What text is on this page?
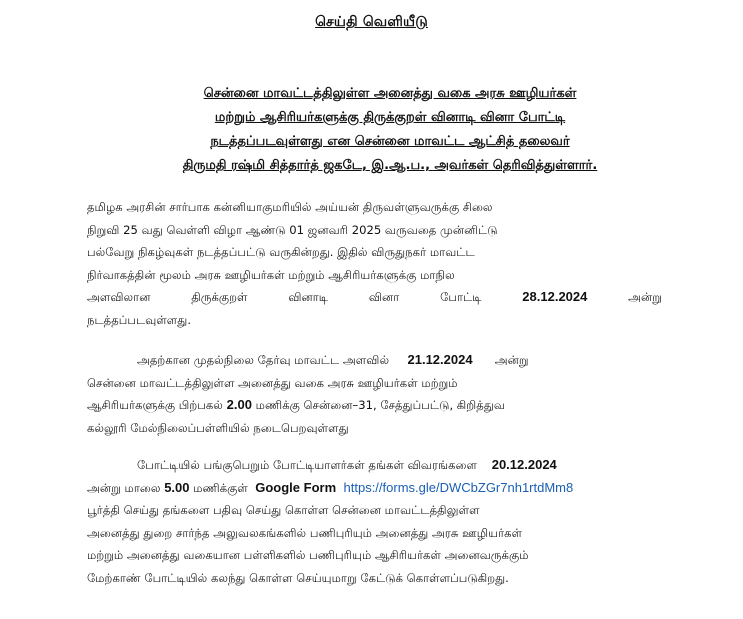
செய்தி வெளியீடு
சென்னை மாவட்டத்திலுள்ள அனைத்து வகை அரசு ஊழியர்கள்
மற்றும் ஆசிரியர்களுக்கு திருக்குறள் வினாடி வினா போட்டி
நடத்தப்படவுள்ளது என சென்னை மாவட்ட ஆட்சித் தலைவர்
திருமதி ரஷ்மி சித்தார்த் ஜகடே, இ.ஆ.ப., அவர்கள் தெரிவித்துள்ளார்.
தமிழக அரசின் சார்பாக கன்னியாகுமரியில் அய்யன் திருவள்ளுவருக்கு சிலை
நிறுவி 25 வது வெள்ளி விழா ஆண்டு 01 ஜனவரி 2025 வருவதை முன்னிட்டு
பல்வேறு நிகழ்வுகள் நடத்தப்பட்டு வருகின்றது. இதில் விருதுநகர் மாவட்ட
நிர்வாகத்தின் மூலம் அரசு ஊழியர்கள் மற்றும் ஆசிரியர்களுக்கு மாநில
அளவிலான	திருக்குறள்	வினாடி	வினா	போட்டி	28.12.2024	அன்று
நடத்தப்படவுள்ளது.
அதற்கான முதல்நிலை தேர்வு மாவட்ட அளவில் 21.12.2024 அன்று
சென்னை மாவட்டத்திலுள்ள அனைத்து வகை அரசு ஊழியர்கள் மற்றும்
ஆசிரியர்களுக்கு பிற்பகல் 2.00 மணிக்கு சென்னை–31, சேத்துப்பட்டு, கிறித்துவ
கல்லூரி மேல்நிலைப்பள்ளியில் நடைபெறவுள்ளது
போட்டியில் பங்குபெறும் போட்டியாளர்கள் தங்கள் விவரங்களை 20.12.2024
அன்று மாலை 5.00 மணிக்குள் Google Form https://forms.gle/DWCbZGr7nh1rtdMm8
பூர்த்தி செய்து தங்களை பதிவு செய்து கொள்ள சென்னை மாவட்டத்திலுள்ள
அனைத்து துறை சார்ந்த அலுவலகங்களில் பணிபுரியும் அனைத்து அரசு ஊழியர்கள்
மற்றும் அனைத்து வகையான பள்ளிகளில் பணிபுரியும் ஆசிரியர்கள் அனைவருக்கும்
மேற்காண் போட்டியில் கலந்து கொள்ள செய்யுமாறு கேட்டுக் கொள்ளப்படுகிறது.
